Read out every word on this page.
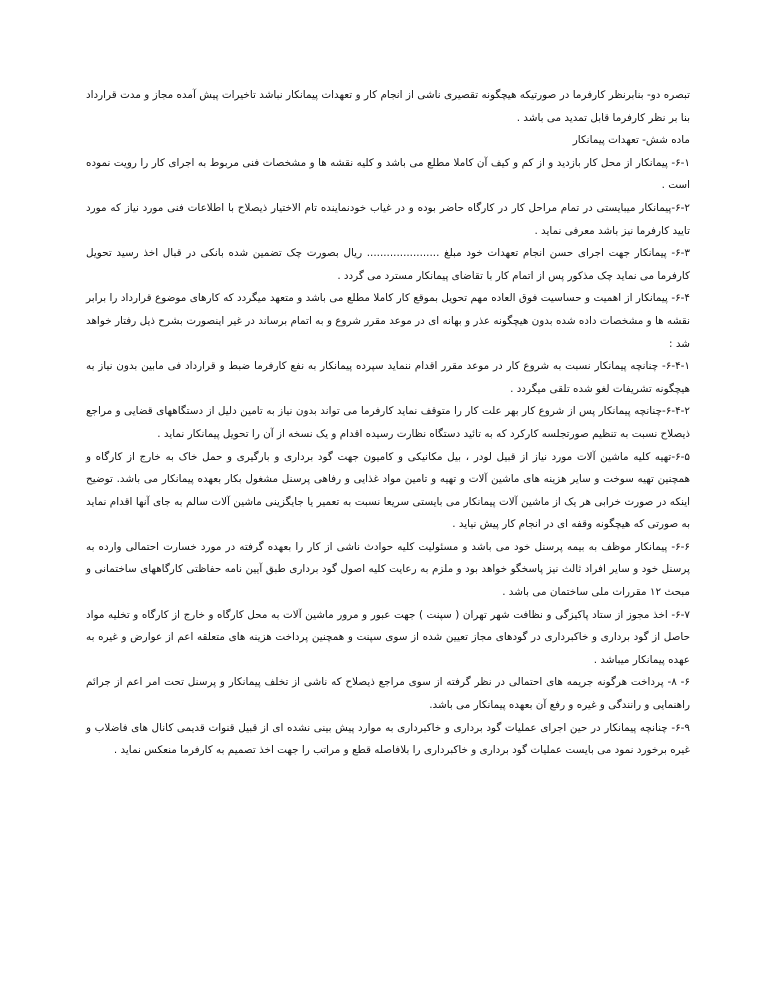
تبصره دو- بنابرنظر کارفرما در صورتیکه هیچگونه تقصیری ناشی از انجام کار و تعهدات پیمانکار نباشد تاخیرات پیش آمده مجاز و مدت قرارداد بنا بر نظر کارفرما قابل تمدید می باشد .

ماده شش- تعهدات پیمانکار

۶-۱- پیمانکار از محل کار بازدید و از کم و کیف آن کاملا مطلع می باشد و کلیه نقشه ها و مشخصات فنی مربوط به اجرای کار را رویت نموده است .

۶-۲-پیمانکار میبایستی در تمام مراحل کار در کارگاه حاضر بوده و در غیاب خودنماینده تام الاختیار ذیصلاح با اطلاعات فنی مورد نیاز که مورد تایید کارفرما نیز باشد معرفی نماید .

۶-۳- پیمانکار جهت اجرای حسن انجام تعهدات خود مبلغ ...................... ریال بصورت چک تضمین شده بانکی در قبال اخذ رسید تحویل کارفرما می نماید چک مذکور پس از اتمام کار با تقاضای پیمانکار مسترد می گردد .

۶-۴- پیمانکار از اهمیت و حساسیت فوق العاده مهم تحویل بموقع کار کاملا مطلع می باشد و متعهد میگردد که کارهای موضوع قرارداد را برابر نقشه ها و مشخصات داده شده بدون هیچگونه عذر و بهانه ای در موعد مقرر شروع و به اتمام برساند در غیر اینصورت بشرح ذیل رفتار خواهد شد :

۶-۴-۱- چنانچه پیمانکار نسبت به شروع کار در موعد مقرر اقدام ننماید سپرده پیمانکار به نفع کارفرما ضبط و قرارداد فی مابین بدون نیاز به هیچگونه تشریفات لغو شده تلقی میگردد .

۶-۴-۲-چنانچه پیمانکار پس از شروع کار بهر علت کار را متوقف نماید کارفرما می تواند بدون نیاز به تامین دلیل از دستگاههای قضایی و مراجع ذیصلاح نسبت به تنظیم صورتجلسه کارکرد که به تائید دستگاه نظارت رسیده اقدام و یک نسخه از آن را تحویل پیمانکار نماید .

۶-۵-تهیه کلیه ماشین آلات مورد نیاز از قبیل لودر ، بیل مکانیکی و کامیون جهت گود برداری و بارگیری و حمل خاک به خارج از کارگاه و همچنین تهیه سوخت و سایر هزینه های ماشین آلات و تهیه و تامین مواد غذایی و رفاهی پرسنل مشغول بکار بعهده پیمانکار می باشد. توضیح اینکه در صورت خرابی هر یک از ماشین آلات پیمانکار می بایستی سریعا نسبت به تعمیر یا جایگزینی ماشین آلات سالم به جای آنها اقدام نماید به صورتی که هیچگونه وقفه ای در انجام کار پیش نیاید .

۶-۶- پیمانکار موظف به بیمه پرسنل خود می باشد و مسئولیت کلیه حوادث ناشی از کار را بعهده گرفته در مورد خسارت احتمالی وارده به پرسنل خود و سایر افراد ثالث نیز پاسخگو خواهد بود و ملزم به رعایت کلیه اصول گود برداری طبق آیین نامه حفاظتی کارگاههای ساختمانی و مبحث ۱۲ مقررات ملی ساختمان می باشد .

۶-۷- اخذ مجوز از ستاد پاکیزگی و نظافت شهر تهران ( سپنت ) جهت عبور و مرور ماشین آلات به محل کارگاه و خارج از کارگاه و تخلیه مواد حاصل از گود برداری و خاکبرداری در گودهای مجاز تعیین شده از سوی سپنت و همچنین پرداخت هزینه های متعلقه اعم از عوارض و غیره به عهده پیمانکار میباشد .

۶- ۸- پرداخت هرگونه جریمه های احتمالی در نظر گرفته از سوی مراجع ذیصلاح که ناشی از تخلف پیمانکار و پرسنل تحت امر اعم از جرائم راهنمایی و رانندگی و غیره و رفع آن بعهده پیمانکار می باشد.

۶-۹- چنانچه پیمانکار در حین اجرای عملیات گود برداری و خاکبرداری به موارد پیش بینی نشده ای از قبیل قنوات قدیمی کانال های فاضلاب و غیره برخورد نمود می بایست عملیات گود برداری و خاکبرداری را بلافاصله قطع و مراتب را جهت اخذ تصمیم به کارفرما منعکس نماید .
